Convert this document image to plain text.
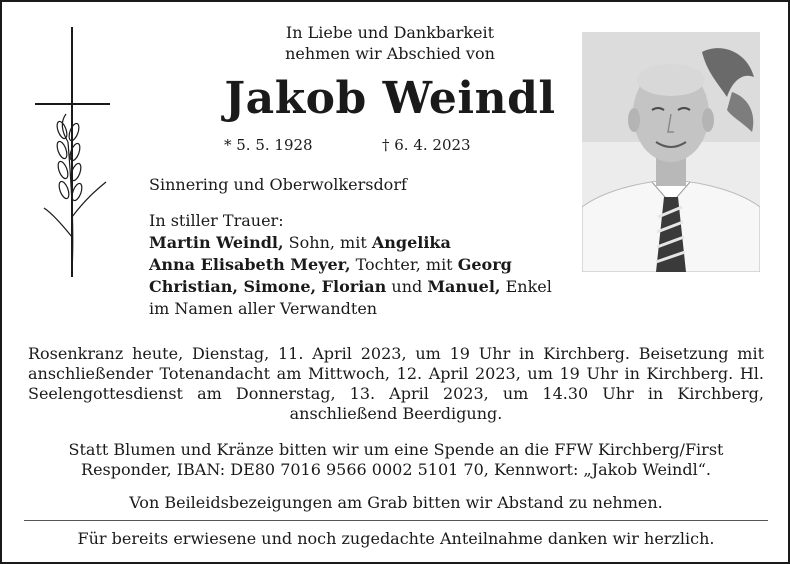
In Liebe und Dankbarkeit
nehmen wir Abschied von
Jakob Weindl
* 5. 5. 1928	† 6. 4. 2023
Sinnering und Oberwolkersdorf
In stiller Trauer:
Martin Weindl, Sohn, mit Angelika
Anna Elisabeth Meyer, Tochter, mit Georg
Christian, Simone, Florian und Manuel, Enkel
im Namen aller Verwandten
Rosenkranz heute, Dienstag, 11. April 2023, um 19 Uhr in Kirchberg. Beisetzung mit anschließender Totenandacht am Mittwoch, 12. April 2023, um 19 Uhr in Kirchberg. Hl. Seelengottesdienst am Donnerstag, 13. April 2023, um 14.30 Uhr in Kirchberg, anschließend Beerdigung.
Statt Blumen und Kränze bitten wir um eine Spende an die FFW Kirchberg/First
Responder, IBAN: DE80 7016 9566 0002 5101 70, Kennwort: „Jakob Weindl“.
Von Beileidsbezeigungen am Grab bitten wir Abstand zu nehmen.
Für bereits erwiesene und noch zugedachte Anteilnahme danken wir herzlich.
